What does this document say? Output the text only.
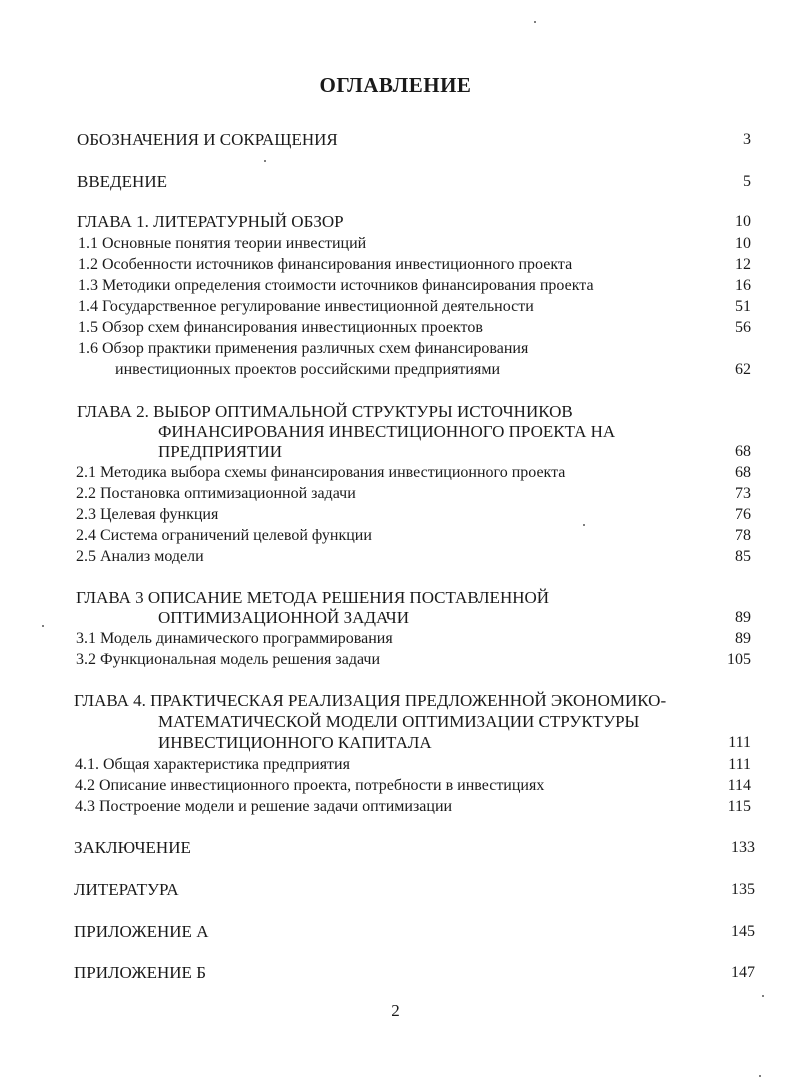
ОГЛАВЛЕНИЕ
ОБОЗНАЧЕНИЯ И СОКРАЩЕНИЯ	3
ВВЕДЕНИЕ	5
ГЛАВА 1. ЛИТЕРАТУРНЫЙ ОБЗОР	10
1.1 Основные понятия теории инвестиций	10
1.2 Особенности источников финансирования инвестиционного проекта	12
1.3 Методики определения стоимости источников финансирования проекта	16
1.4 Государственное регулирование инвестиционной деятельности	51
1.5 Обзор схем финансирования инвестиционных проектов	56
1.6 Обзор практики применения различных схем финансирования
инвестиционных проектов российскими предприятиями	62
ГЛАВА 2. ВЫБОР ОПТИМАЛЬНОЙ СТРУКТУРЫ ИСТОЧНИКОВ
ФИНАНСИРОВАНИЯ ИНВЕСТИЦИОННОГО ПРОЕКТА НА
ПРЕДПРИЯТИИ	68
2.1 Методика выбора схемы финансирования инвестиционного проекта	68
2.2 Постановка оптимизационной задачи	73
2.3 Целевая функция	76
2.4 Система ограничений целевой функции	78
2.5 Анализ модели	85
ГЛАВА 3 ОПИСАНИЕ МЕТОДА РЕШЕНИЯ ПОСТАВЛЕННОЙ
ОПТИМИЗАЦИОННОЙ ЗАДАЧИ	89
3.1 Модель динамического программирования	89
3.2 Функциональная модель решения задачи	105
ГЛАВА 4. ПРАКТИЧЕСКАЯ РЕАЛИЗАЦИЯ ПРЕДЛОЖЕННОЙ ЭКОНОМИКО-
МАТЕМАТИЧЕСКОЙ МОДЕЛИ ОПТИМИЗАЦИИ СТРУКТУРЫ
ИНВЕСТИЦИОННОГО КАПИТАЛА	111
4.1. Общая характеристика предприятия	111
4.2 Описание инвестиционного проекта, потребности в инвестициях	114
4.3 Построение модели и решение задачи оптимизации	115
ЗАКЛЮЧЕНИЕ	133
ЛИТЕРАТУРА	135
ПРИЛОЖЕНИЕ А	145
ПРИЛОЖЕНИЕ Б	147
2
